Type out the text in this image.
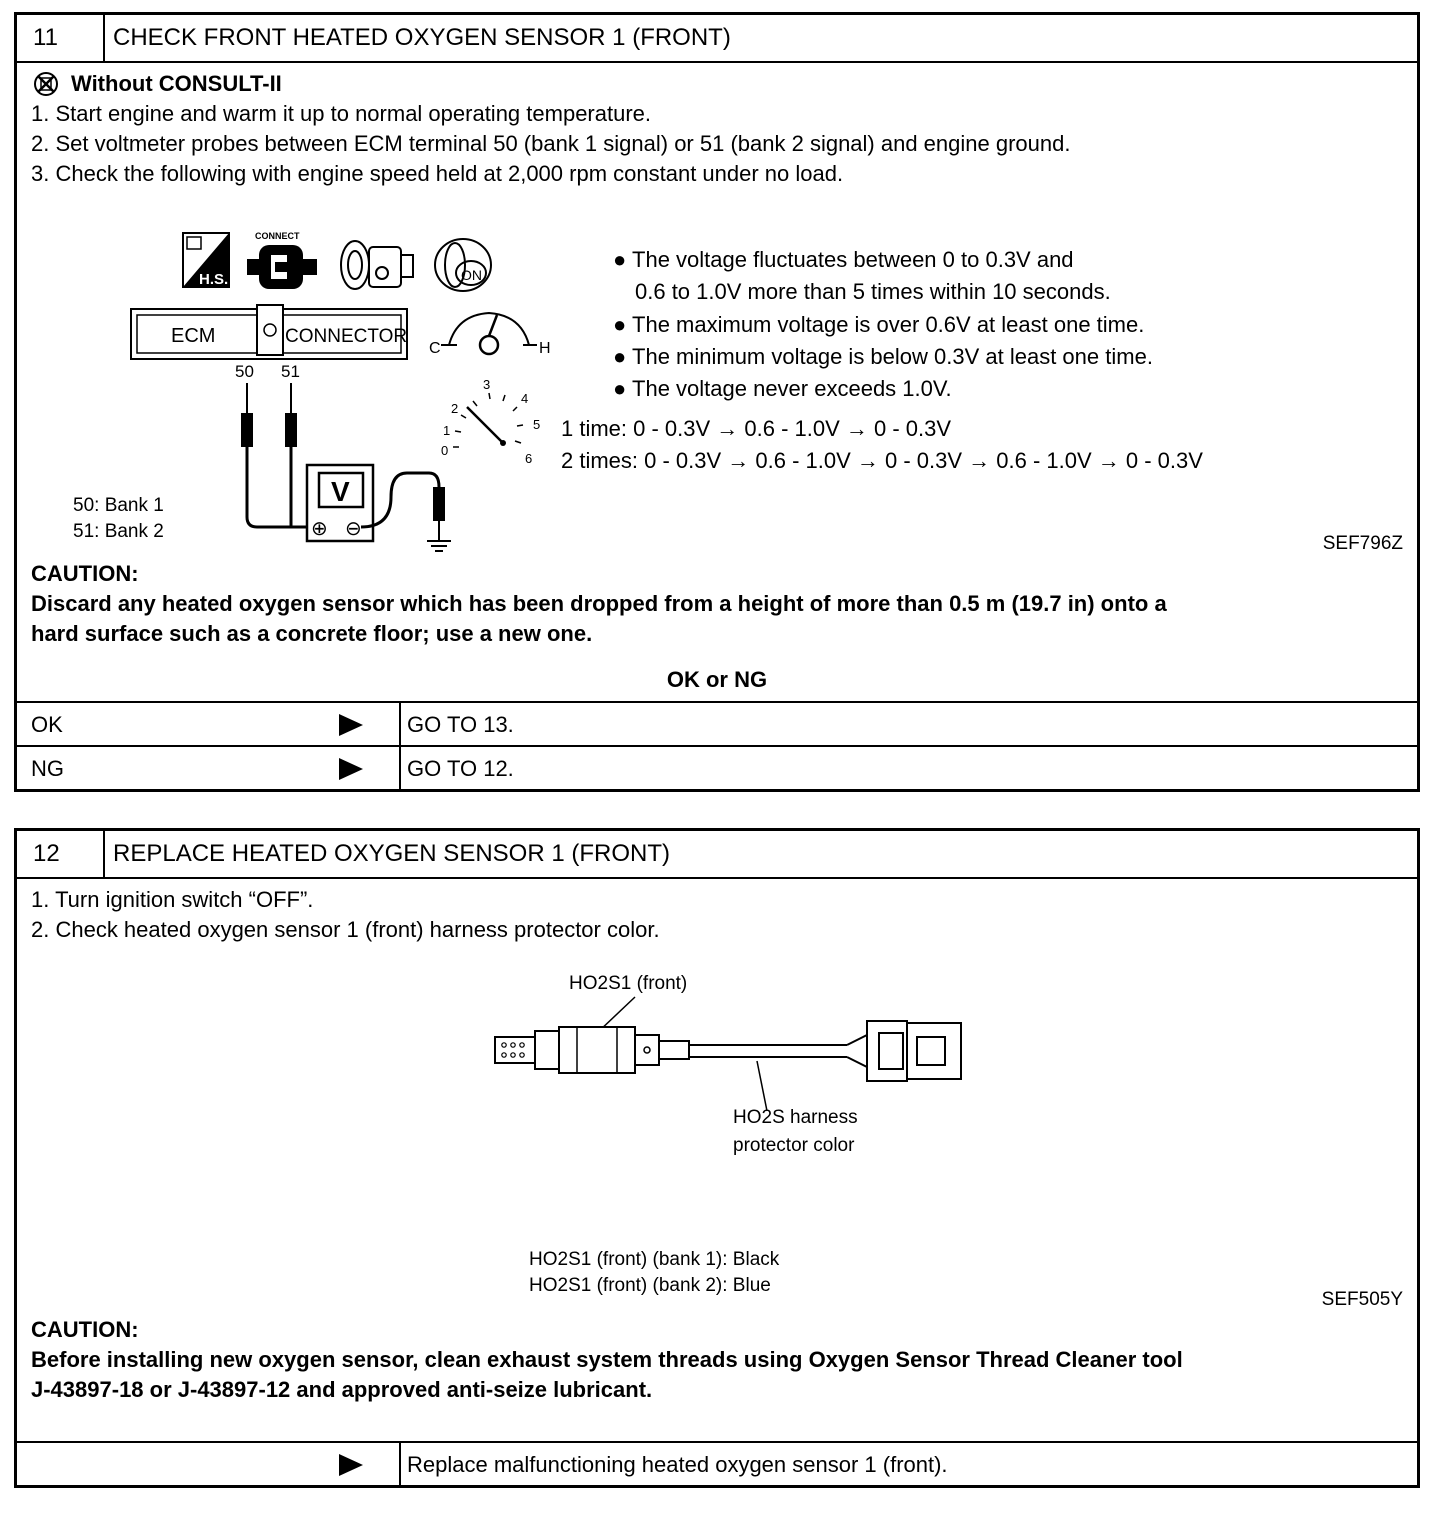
11	CHECK FRONT HEATED OXYGEN SENSOR 1 (FRONT)
Without CONSULT-II
1. Start engine and warm it up to normal operating temperature.
2. Set voltmeter probes between ECM terminal 50 (bank 1 signal) or 51 (bank 2 signal) and engine ground.
3. Check the following with engine speed held at 2,000 rpm constant under no load.
H.S.
CONNECT
ON
ECM	CONNECTOR
50 51
V
⊕ ⊖
C	H
0
1
2
3
4
5
6
50: Bank 1
51: Bank 2
● The voltage fluctuates between 0 to 0.3V and
0.6 to 1.0V more than 5 times within 10 seconds.
● The maximum voltage is over 0.6V at least one time.
● The minimum voltage is below 0.3V at least one time.
● The voltage never exceeds 1.0V.
1 time: 0 - 0.3V → 0.6 - 1.0V → 0 - 0.3V
2 times: 0 - 0.3V → 0.6 - 1.0V → 0 - 0.3V → 0.6 - 1.0V → 0 - 0.3V
SEF796Z
CAUTION:
Discard any heated oxygen sensor which has been dropped from a height of more than 0.5 m (19.7 in) onto a
hard surface such as a concrete floor; use a new one.
OK or NG
OK	GO TO 13.
NG	GO TO 12.
12	REPLACE HEATED OXYGEN SENSOR 1 (FRONT)
1. Turn ignition switch “OFF”.
2. Check heated oxygen sensor 1 (front) harness protector color.
HO2S1 (front)
HO2S harness
protector color
HO2S1 (front) (bank 1): Black
HO2S1 (front) (bank 2): Blue
SEF505Y
CAUTION:
Before installing new oxygen sensor, clean exhaust system threads using Oxygen Sensor Thread Cleaner tool
J-43897-18 or J-43897-12 and approved anti-seize lubricant.
Replace malfunctioning heated oxygen sensor 1 (front).
